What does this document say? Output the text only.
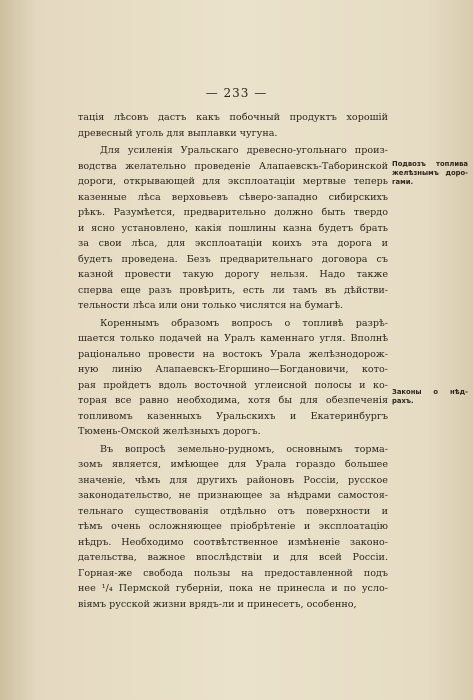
— 233 —
Подвозъ топлива
желѣзнымъ доро-
гами.
Законы о нѣд-
рахъ.
тація лѣсовъ дастъ какъ побочный продуктъ хорошій
древесный уголь для выплавки чугуна.
Для усиленія Уральскаго древесно-угольнаго произ-
водства желательно проведеніе Алапаевскъ-Таборинской
дороги, открывающей для эксплоатаціи мертвые теперь
казенные лѣса верховьевъ сѣверо-западно сибирскихъ
рѣкъ. Разумѣется, предварительно должно быть твердо
и ясно установлено, какія пошлины казна будетъ брать
за свои лѣса, для эксплоатаціи коихъ эта дорога и
будетъ проведена. Безъ предварительнаго договора съ
казной провести такую дорогу нельзя. Надо также
сперва еще разъ провѣрить, есть ли тамъ въ дѣйстви-
тельности лѣса или они только числятся на бумагѣ.
Кореннымъ образомъ вопросъ о топливѣ разрѣ-
шается только подачей на Уралъ каменнаго угля. Вполнѣ
раціонально провести на востокъ Урала желѣзнодорож-
ную линію Алапаевскъ-Егоршино—Богдановичи, кото-
рая пройдетъ вдоль восточной углеисной полосы и ко-
торая все равно необходима, хотя бы для обезпеченія
топливомъ казенныхъ Уральскихъ и Екатеринбургъ
Тюмень-Омской желѣзныхъ дорогъ.
Въ вопросѣ земельно-рудномъ, основнымъ тормa-
зомъ является, имѣющее для Урала гораздо большее
значеніе, чѣмъ для другихъ районовъ Россіи, русское
законодательство, не признающее за нѣдрами самостоя-
тельнаго существованія отдѣльно отъ поверхности и
тѣмъ очень осложняющее пріобрѣтеніе и эксплоатацію
нѣдръ. Необходимо соотвѣтственное измѣненіе законо-
дательства, важное впослѣдствіи и для всей Россіи.
Горная-же свобода пользы на предоставленной подъ
нее ¹/₄ Пермской губерніи, пока не принесла и по усло-
віямъ русской жизни врядъ-ли и принесетъ, особенно,
